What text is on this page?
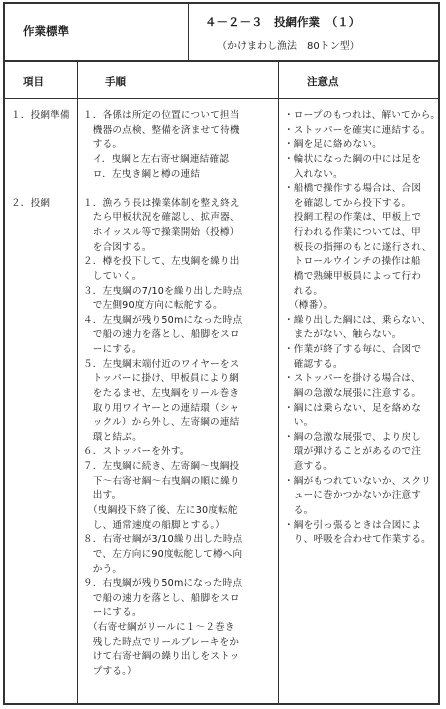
作業標準
４－２－３　投網作業　（１）
（かけまわし漁法　80トン型）
項目	手順	注意点
１．投網準備
２．投網
１．各係は所定の位置について担当
　機器の点検、整備を済ませて待機
　する。
　イ．曳綱と左右寄せ綱連結確認
　ロ．左曳き綱と樽の連結
１．漁ろう長は操業体制を整え終え
　たら甲板状況を確認し、拡声器、
　ホイッスル等で操業開始（投樽）
　を合図する。
２．樽を投下して、左曳綱を繰り出
　していく。
３．左曳綱の7/10を繰り出した時点
　で左側90度方向に転舵する。
４．左曳綱が残り50mになった時点
　で船の速力を落とし、船脚をスロ
　ーにする。
５．左曳綱末端付近のワイヤーをス
　トッパーに掛け、甲板員により網
　をたるませ、左曳綱をリール巻き
　取り用ワイヤーとの連結環（シャ
　ックル）から外し、左寄綱の連結
　環と結ぶ。
６．ストッパーを外す。
７．左曳綱に続き、左寄綱～曳綱投
　下～右寄せ綱～右曳綱の順に繰り
　出す。
　（曳綱投下終了後、左に30度転舵
　し、通常速度の船脚とする。）
８．右寄せ綱が3/10繰り出した時点
　で、左方向に90度転舵して樽へ向
　かう。
９．右曳綱が残り50mになった時点
　で船の速力を落とし、船脚をスロ
　ーにする。
　（右寄せ綱がリールに１～２巻き
　残した時点でリールブレーキをか
　けて右寄せ綱の繰り出しをストッ
　プする。）
・ロープのもつれは、解いてから。
・ストッパーを確実に連結する。
・綱を足に絡めない。
・輪状になった綱の中には足を
　入れない。
・船橋で操作する場合は、合図
　を確認してから投下する。
　投網工程の作業は、甲板上で
　行われる作業については、甲
　板長の指揮のもとに遂行され、
　トロールウインチの操作は船
　橋で熟練甲板員によって行わ
　れる。
　（樽番）。
・繰り出した綱には、乗らない、
　またがない、触らない。
・作業が終了する毎に、合図で
　確認する。
・ストッパーを掛ける場合は、
　綱の急激な展張に注意する。
・綱には乗らない、足を絡めな
　い。
・綱の急激な展張で、より戻し
　環が弾けることがあるので注
　意する。
・綱がもつれていないか、スクリ
　ューに巻かつかないか注意す
　る。
・綱を引っ張るときは合図によ
　り、呼吸を合わせて作業する。
